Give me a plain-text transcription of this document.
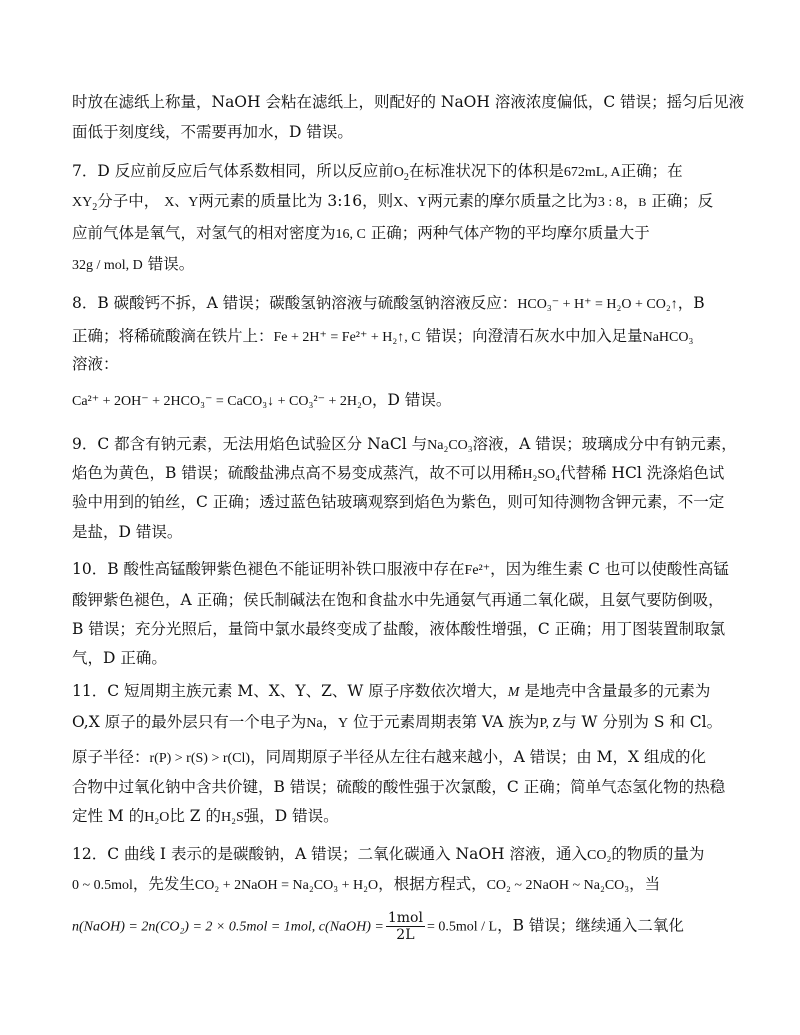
时放在滤纸上称量，NaOH 会粘在滤纸上，则配好的 NaOH 溶液浓度偏低，C 错误；摇匀后见液
面低于刻度线，不需要再加水，D 错误。
7．D 反应前反应后气体系数相同，所以反应前$O_2$在标准状况下的体积是672mL, A正确；在
$XY_2$分子中， X、Y两元素的质量比为 3:16，则X、Y两元素的摩尔质量之比为3 : 8，B 正确；反
应前气体是氧气，对氢气的相对密度为16, C 正确；两种气体产物的平均摩尔质量大于
32g / mol, D 错误。
8．B 碳酸钙不拆，A 错误；碳酸氢钠溶液与硫酸氢钠溶液反应：HCO₃⁻ + H⁺ = H₂O + CO₂↑，B
正确；将稀硫酸滴在铁片上：Fe + 2H⁺ = Fe²⁺ + H₂↑, C 错误；向澄清石灰水中加入足量NaHCO₃
溶液：
Ca²⁺ + 2OH⁻ + 2HCO₃⁻ = CaCO₃↓ + CO₃²⁻ + 2H₂O，D 错误。
9．C 都含有钠元素，无法用焰色试验区分 NaCl 与Na₂CO₃溶液，A 错误；玻璃成分中有钠元素，
焰色为黄色，B 错误；硫酸盐沸点高不易变成蒸汽，故不可以用稀H₂SO₄代替稀 HCl 洗涤焰色试
验中用到的铂丝，C 正确；透过蓝色钴玻璃观察到焰色为紫色，则可知待测物含钾元素，不一定
是盐，D 错误。
10．B 酸性高锰酸钾紫色褪色不能证明补铁口服液中存在Fe²⁺，因为维生素 C 也可以使酸性高锰
酸钾紫色褪色，A 正确；侯氏制碱法在饱和食盐水中先通氨气再通二氧化碳，且氨气要防倒吸，
B 错误；充分光照后，量筒中氯水最终变成了盐酸，液体酸性增强，C 正确；用丁图装置制取氯
气，D 正确。
11．C 短周期主族元素 M、X、Y、Z、W 原子序数依次增大，M 是地壳中含量最多的元素为
O,X 原子的最外层只有一个电子为Na，Y 位于元素周期表第 VA 族为P, Z与 W 分别为 S 和 Cl。
原子半径：r(P) > r(S) > r(Cl)，同周期原子半径从左往右越来越小，A 错误；由 M，X 组成的化
合物中过氧化钠中含共价键，B 错误；硫酸的酸性强于次氯酸，C 正确；简单气态氢化物的热稳
定性 M 的H₂O比 Z 的H₂S强，D 错误。
12．C 曲线 I 表示的是碳酸钠，A 错误；二氧化碳通入 NaOH 溶液，通入CO₂的物质的量为
0 ~ 0.5mol，先发生CO₂ + 2NaOH = Na₂CO₃ + H₂O，根据方程式，CO₂ ~ 2NaOH ~ Na₂CO₃，当
n(NaOH) = 2n(CO₂) = 2 × 0.5mol = 1mol, c(NaOH) = $\frac{\text{1mol}}{2L} = 0.5mol / L$，B 错误；继续通入二氧化
